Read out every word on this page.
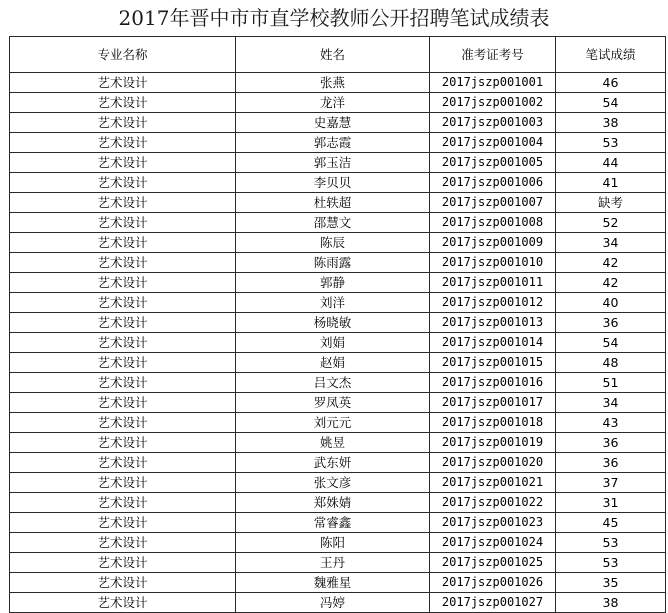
2017年晋中市市直学校教师公开招聘笔试成绩表
专业名称	姓名	准考证考号	笔试成绩
艺术设计	张燕	2017jszp001001	46
艺术设计	龙洋	2017jszp001002	54
艺术设计	史嘉慧	2017jszp001003	38
艺术设计	郭志霞	2017jszp001004	53
艺术设计	郭玉洁	2017jszp001005	44
艺术设计	李贝贝	2017jszp001006	41
艺术设计	杜轶超	2017jszp001007	缺考
艺术设计	邵慧文	2017jszp001008	52
艺术设计	陈辰	2017jszp001009	34
艺术设计	陈雨露	2017jszp001010	42
艺术设计	郭静	2017jszp001011	42
艺术设计	刘洋	2017jszp001012	40
艺术设计	杨晓敏	2017jszp001013	36
艺术设计	刘娟	2017jszp001014	54
艺术设计	赵娟	2017jszp001015	48
艺术设计	吕文杰	2017jszp001016	51
艺术设计	罗凤英	2017jszp001017	34
艺术设计	刘元元	2017jszp001018	43
艺术设计	姚昱	2017jszp001019	36
艺术设计	武东妍	2017jszp001020	36
艺术设计	张文彦	2017jszp001021	37
艺术设计	郑姝婧	2017jszp001022	31
艺术设计	常睿鑫	2017jszp001023	45
艺术设计	陈阳	2017jszp001024	53
艺术设计	王丹	2017jszp001025	53
艺术设计	魏雅星	2017jszp001026	35
艺术设计	冯婷	2017jszp001027	38
